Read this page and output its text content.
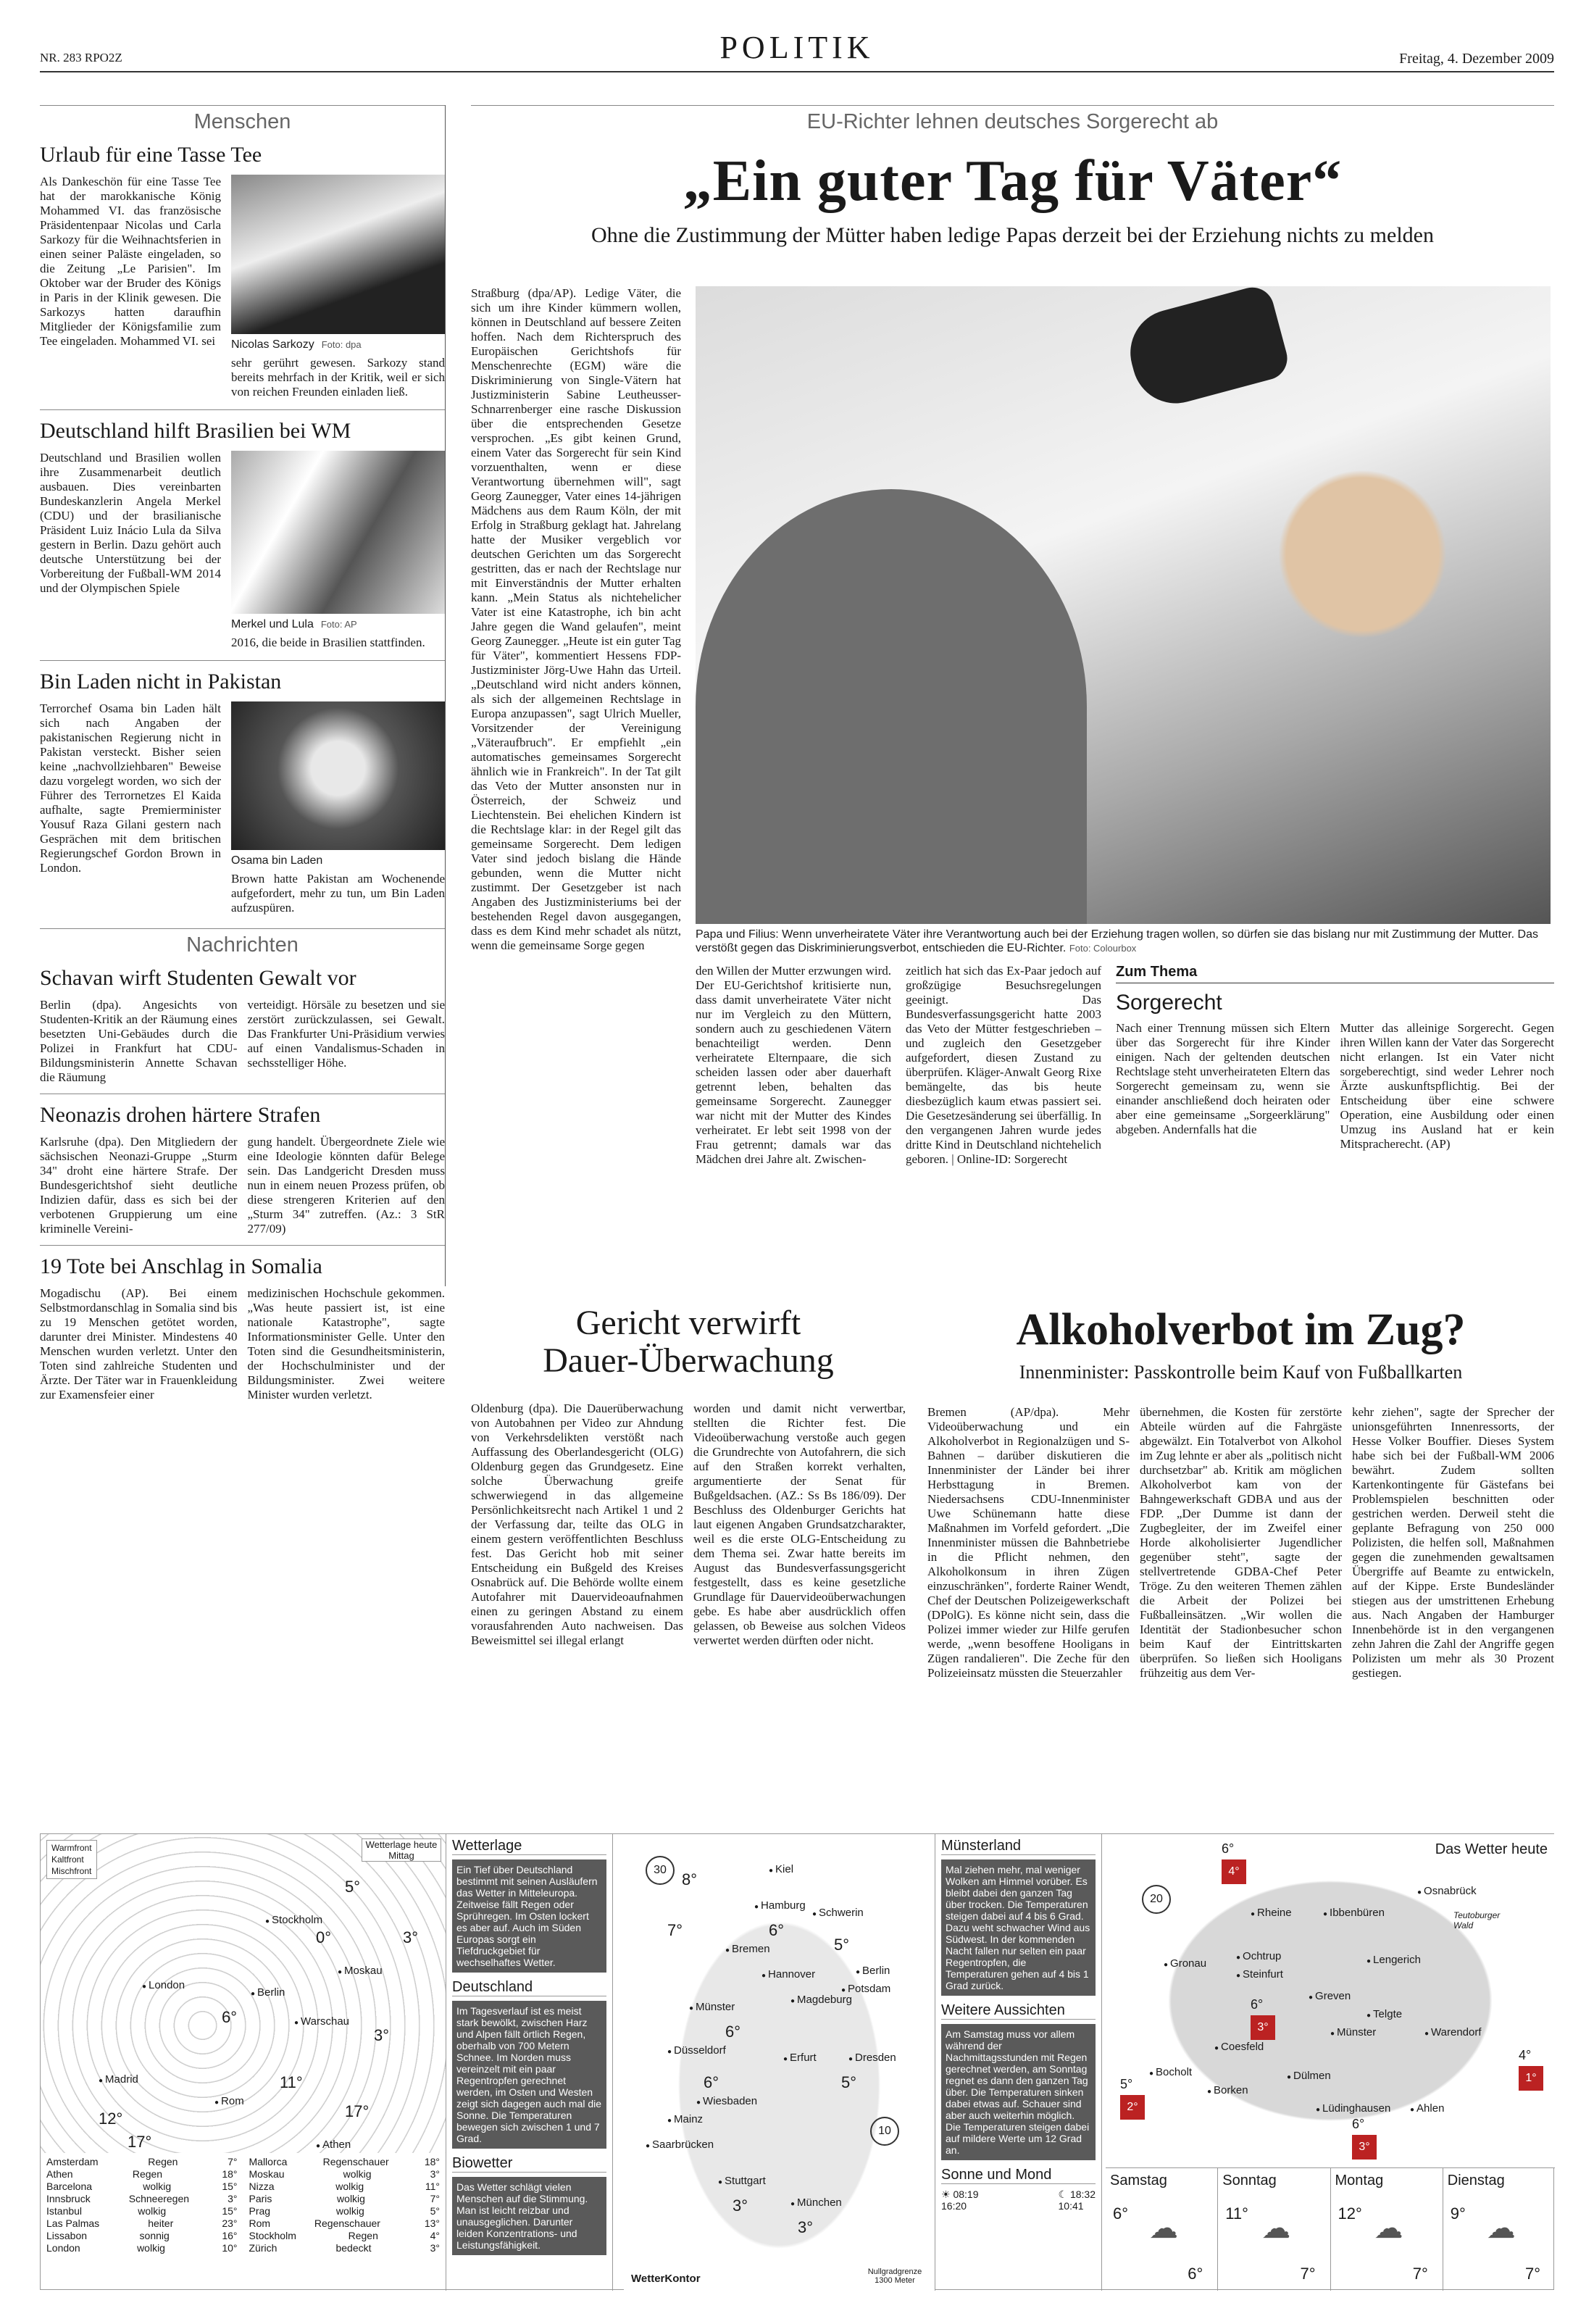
NR. 283 RPO2Z	POLITIK	Freitag, 4. Dezember 2009
Menschen
Urlaub für eine Tasse Tee
Als Dankeschön für eine Tasse Tee hat der marokkanische König Mohammed VI. das französische Präsidentenpaar Nicolas und Carla Sarkozy für die Weihnachtsferien in einen seiner Paläste eingeladen, so die Zeitung „Le Parisien". Im Oktober war der Bruder des Königs in Paris in der Klinik gewesen. Die Sarkozys hatten daraufhin Mitglieder der Königsfamilie zum Tee eingeladen. Mohammed VI. sei	Nicolas Sarkozy Foto: dpa
sehr gerührt gewesen. Sarkozy stand bereits mehrfach in der Kritik, weil er sich von reichen Freunden einladen ließ.
Deutschland hilft Brasilien bei WM
Deutschland und Brasilien wollen ihre Zusammenarbeit deutlich ausbauen. Dies vereinbarten Bundeskanzlerin Angela Merkel (CDU) und der brasilianische Präsident Luiz Inácio Lula da Silva gestern in Berlin. Dazu gehört auch deutsche Unterstützung bei der Vorbereitung der Fußball-WM 2014 und der Olympischen Spiele
Merkel und Lula Foto: AP
2016, die beide in Brasilien stattfinden.
Bin Laden nicht in Pakistan
Terrorchef Osama bin Laden hält sich nach Angaben der pakistanischen Regierung nicht in Pakistan versteckt. Bisher seien keine „nachvollziehbaren" Beweise dazu vorgelegt worden, wo sich der Führer des Terrornetzes El Kaida aufhalte, sagte Premierminister Yousuf Raza Gilani gestern nach Gesprächen mit dem britischen Regierungschef Gordon Brown in London.
Osama bin Laden
Brown hatte Pakistan am Wochenende aufgefordert, mehr zu tun, um Bin Laden aufzuspüren.
Nachrichten
Schavan wirft Studenten Gewalt vor
Berlin (dpa). Angesichts von Studenten-Kritik an der Räumung eines besetzten Uni-Gebäudes durch die Polizei in Frankfurt hat CDU-Bildungsministerin Annette Schavan die Räumung
verteidigt. Hörsäle zu besetzen und sie zerstört zurückzulassen, sei Gewalt. Das Frankfurter Uni-Präsidium verwies auf einen Vandalismus-Schaden in sechsstelliger Höhe.
Neonazis drohen härtere Strafen
Karlsruhe (dpa). Den Mitgliedern der sächsischen Neonazi-Gruppe „Sturm 34" droht eine härtere Strafe. Der Bundesgerichtshof sieht deutliche Indizien dafür, dass es sich bei der verbotenen Gruppierung um eine kriminelle Vereini-
gung handelt. Übergeordnete Ziele wie eine Ideologie könnten dafür Belege sein. Das Landgericht Dresden muss nun in einem neuen Prozess prüfen, ob diese strengeren Kriterien auf den „Sturm 34" zutreffen. (Az.: 3 StR 277/09)
19 Tote bei Anschlag in Somalia
Mogadischu (AP). Bei einem Selbstmordanschlag in Somalia sind bis zu 19 Menschen getötet worden, darunter drei Minister. Mindestens 40 Menschen wurden verletzt. Unter den Toten sind zahlreiche Studenten und Ärzte. Der Täter war in Frauenkleidung zur Examensfeier einer
medizinischen Hochschule gekommen. „Was heute passiert ist, ist eine nationale Katastrophe", sagte Informationsminister Gelle. Unter den Toten sind die Gesundheitsministerin, der Hochschulminister und der Bildungsminister. Zwei weitere Minister wurden verletzt.
EU-Richter lehnen deutsches Sorgerecht ab
„Ein guter Tag für Väter“
Ohne die Zustimmung der Mütter haben ledige Papas derzeit bei der Erziehung nichts zu melden
Straßburg (dpa/AP). Ledige Väter, die sich um ihre Kinder kümmern wollen, können in Deutschland auf bessere Zeiten hoffen. Nach dem Richterspruch des Europäischen Gerichtshofs für Menschenrechte (EGM) wäre die Diskriminierung von Single-Vätern hat Justizministerin Sabine Leutheusser-Schnarrenberger eine rasche Diskussion über die entsprechenden Gesetze versprochen. „Es gibt keinen Grund, einem Vater das Sorgerecht für sein Kind vorzuenthalten, wenn er diese Verantwortung übernehmen will", sagt Georg Zaunegger, Vater eines 14-jährigen Mädchens aus dem Raum Köln, der mit Erfolg in Straßburg geklagt hat. Jahrelang hatte der Musiker vergeblich vor deutschen Gerichten um das Sorgerecht gestritten, das er nach der Rechtslage nur mit Einverständnis der Mutter erhalten kann. „Mein Status als nichtehelicher Vater ist eine Katastrophe, ich bin acht Jahre gegen die Wand gelaufen", meint Georg Zaunegger. „Heute ist ein guter Tag für Väter", kommentiert Hessens FDP-Justizminister Jörg-Uwe Hahn das Urteil. „Deutschland wird nicht anders können, als sich der allgemeinen Rechtslage in Europa anzupassen", sagt Ulrich Mueller, Vorsitzender der Vereinigung „Väteraufbruch". Er empfiehlt „ein automatisches gemeinsames Sorgerecht ähnlich wie in Frankreich". In der Tat gilt das Veto der Mutter ansonsten nur in Österreich, der Schweiz und Liechtenstein. Bei ehelichen Kindern ist die Rechtslage klar: in der Regel gilt das gemeinsame Sorgerecht. Dem ledigen Vater sind jedoch bislang die Hände gebunden, wenn die Mutter nicht zustimmt. Der Gesetzgeber ist nach Angaben des Justizministeriums bei der bestehenden Regel davon ausgegangen, dass es dem Kind mehr schadet als nützt, wenn die gemeinsame Sorge gegen
Papa und Filius: Wenn unverheiratete Väter ihre Verantwortung auch bei der Erziehung tragen wollen, so dürfen sie das bislang nur mit Zustimmung der Mutter. Das verstößt gegen das Diskriminierungsverbot, entschieden die EU-Richter. Foto: Colourbox
den Willen der Mutter erzwungen wird. Der EU-Gerichtshof kritisierte nun, dass damit unverheiratete Väter nicht nur im Vergleich zu den Müttern, sondern auch zu geschiedenen Vätern benachteiligt werden. Denn verheiratete Elternpaare, die sich scheiden lassen oder aber dauerhaft getrennt leben, behalten das gemeinsame Sorgerecht. Zaunegger war nicht mit der Mutter des Kindes verheiratet. Er lebt seit 1998 von der Frau getrennt; damals war das Mädchen drei Jahre alt. Zwischen-
zeitlich hat sich das Ex-Paar jedoch auf großzügige Besuchsregelungen geeinigt. Das Bundesverfassungsgericht hatte 2003 das Veto der Mütter festgeschrieben – und zugleich den Gesetzgeber aufgefordert, diesen Zustand zu überprüfen. Kläger-Anwalt Georg Rixe bemängelte, das bis heute diesbezüglich kaum etwas passiert sei. Die Gesetzesänderung sei überfällig. In den vergangenen Jahren wurde jedes dritte Kind in Deutschland nichtehelich geboren. | Online-ID: Sorgerecht
Zum Thema
Sorgerecht
Nach einer Trennung müssen sich Eltern über das Sorgerecht für ihre Kinder einigen. Nach der geltenden deutschen Rechtslage steht unverheirateten Eltern das Sorgerecht gemeinsam zu, wenn sie einander anschließend doch heiraten oder aber eine gemeinsame „Sorgeerklärung" abgeben. Andernfalls hat die
Mutter das alleinige Sorgerecht. Gegen ihren Willen kann der Vater das Sorgerecht nicht erlangen. Ist ein Vater nicht sorgeberechtigt, sind weder Lehrer noch Ärzte auskunftspflichtig. Bei der Entscheidung über eine schwere Operation, eine Ausbildung oder einen Umzug ins Ausland hat er kein Mitspracherecht. (AP)
Gericht verwirft
Dauer-Überwachung
Oldenburg (dpa). Die Dauerüberwachung von Autobahnen per Video zur Ahndung von Verkehrsdelikten verstößt nach Auffassung des Oberlandesgericht (OLG) Oldenburg gegen das Grundgesetz. Eine solche Überwachung greife schwerwiegend in das allgemeine Persönlichkeitsrecht nach Artikel 1 und 2 der Verfassung dar, teilte das OLG in einem gestern veröffentlichten Beschluss fest. Das Gericht hob mit seiner Entscheidung ein Bußgeld des Kreises Osnabrück auf. Die Behörde wollte einem Autofahrer mit Dauervideoaufnahmen einen zu geringen Abstand zu einem vorausfahrenden Auto nachweisen. Das Beweismittel sei illegal erlangt
worden und damit nicht verwertbar, stellten die Richter fest. Die Videoüberwachung verstoße auch gegen die Grundrechte von Autofahrern, die sich auf den Straßen korrekt verhalten, argumentierte der Senat für Bußgeldsachen. (AZ.: Ss Bs 186/09). Der Beschluss des Oldenburger Gerichts hat laut eigenen Angaben Grundsatzcharakter, weil es die erste OLG-Entscheidung zu dem Thema sei. Zwar hatte bereits im August das Bundesverfassungsgericht festgestellt, dass es keine gesetzliche Grundlage für Dauervideoüberwachungen gebe. Es habe aber ausdrücklich offen gelassen, ob Beweise aus solchen Videos verwertet werden dürften oder nicht.
Alkoholverbot im Zug?
Innenminister: Passkontrolle beim Kauf von Fußballkarten
Bremen (AP/dpa). Mehr Videoüberwachung und ein Alkoholverbot in Regionalzügen und S-Bahnen – darüber diskutieren die Innenminister der Länder bei ihrer Herbsttagung in Bremen. Niedersachsens CDU-Innenminister Uwe Schünemann hatte diese Maßnahmen im Vorfeld gefordert. „Die Innenminister müssen die Bahnbetriebe in die Pflicht nehmen, den Alkoholkonsum in ihren Zügen einzuschränken", forderte Rainer Wendt, Chef der Deutschen Polizeigewerkschaft (DPolG). Es könne nicht sein, dass die Polizei immer wieder zur Hilfe gerufen werde, „wenn besoffene Hooligans in Zügen randalieren". Die Zeche für den Polizeieinsatz müssten die Steuerzahler
übernehmen, die Kosten für zerstörte Abteile würden auf die Fahrgäste abgewälzt. Ein Totalverbot von Alkohol im Zug lehnte er aber als „politisch nicht durchsetzbar" ab. Kritik am möglichen Alkoholverbot kam von der Bahngewerkschaft GDBA und aus der FDP. „Der Dumme ist dann der Zugbegleiter, der im Zweifel einer Horde alkoholisierter Jugendlicher gegenüber steht", sagte der stellvertretende GDBA-Chef Peter Tröge. Zu den weiteren Themen zählen die Arbeit der Polizei bei Fußballeinsätzen. „Wir wollen die Identität der Stadionbesucher schon beim Kauf der Eintrittskarten überprüfen. So ließen sich Hooligans frühzeitig aus dem Ver-
kehr ziehen", sagte der Sprecher der unionsgeführten Innenressorts, der Hesse Volker Bouffier. Dieses System habe sich bei der Fußball-WM 2006 bewährt. Zudem sollten Kartenkontingente für Gästefans bei Problemspielen beschnitten oder gestrichen werden. Derweil steht die geplante Befragung von 250 000 Polizisten, die helfen soll, Maßnahmen gegen die zunehmenden gewaltsamen Übergriffe auf Beamte zu entwickeln, auf der Kippe. Erste Bundesländer stiegen aus der umstrittenen Erhebung aus. Nach Angaben der Hamburger Innenbehörde ist in den vergangenen zehn Jahren die Zahl der Angriffe gegen Polizisten um mehr als 30 Prozent gestiegen.
Warmfront
Kaltfront
Mischfront
Wetterlage heute Mittag
● Stockholm
● Moskau
● London
● Berlin
● Warschau
● Madrid
● Rom
● Athen
5°
0°	3°
6°
3°
11°
12°
17°
17°
Amsterdam	Regen	7°
Athen	Regen	18°
Barcelona	wolkig	15°
Innsbruck	Schneeregen	3°
Istanbul	wolkig	15°
Las Palmas	heiter	23°
Lissabon	sonnig	16°
London	wolkig	10°
Mallorca	Regenschauer	18°
Moskau	wolkig	3°
Nizza	wolkig	11°
Paris	wolkig	7°
Prag	wolkig	5°
Rom	Regenschauer	13°
Stockholm	Regen	4°
Zürich	bedeckt	3°
Wetterlage
Ein Tief über Deutschland bestimmt mit seinen Ausläufern das Wetter in Mitteleuropa. Zeitweise fällt Regen oder Sprühregen. Im Osten lockert es aber auf. Auch im Süden Europas sorgt ein Tiefdruckgebiet für wechselhaftes Wetter.
Deutschland
Im Tagesverlauf ist es meist stark bewölkt, zwischen Harz und Alpen fällt örtlich Regen, oberhalb von 700 Metern Schnee. Im Norden muss vereinzelt mit ein paar Regentropfen gerechnet werden, im Osten und Westen zeigt sich dagegen auch mal die Sonne. Die Temperaturen bewegen sich zwischen 1 und 7 Grad.
Biowetter
Das Wetter schlägt vielen Menschen auf die Stimmung. Man ist leicht reizbar und unausgeglichen. Darunter leiden Konzentrations- und Leistungsfähigkeit.
30
10
● Kiel
● Hamburg
● Schwerin
● Bremen
● Hannover	● Berlin
● Potsdam
● Magdeburg
● Münster
● Düsseldorf
● Erfurt	● Dresden
● Wiesbaden
● Mainz
● Saarbrücken
● Stuttgart
● München
8°
7°	6°
5°
6°
6°	5°
3°
3°
WetterKontor
Nullgradgrenze 1300 Meter
Münsterland
Mal ziehen mehr, mal weniger Wolken am Himmel vorüber. Es bleibt dabei den ganzen Tag über trocken. Die Temperaturen steigen dabei auf 4 bis 6 Grad. Dazu weht schwacher Wind aus Südwest. In der kommenden Nacht fallen nur selten ein paar Regentropfen, die Temperaturen gehen auf 4 bis 1 Grad zurück.
Weitere Aussichten
Am Samstag muss vor allem während der Nachmittagsstunden mit Regen gerechnet werden, am Sonntag regnet es dann den ganzen Tag über. Die Temperaturen sinken dabei etwas auf. Schauer sind aber auch weiterhin möglich. Die Temperaturen steigen dabei auf mildere Werte um 12 Grad an.
Sonne und Mond
☀ 08:19
16:20
☾ 18:32
10:41
Das Wetter heute
20
● Rheine	● Ibbenbüren
● Osnabrück
Teutoburger Wald
● Gronau
● Ochtrup
● Steinfurt
● Lengerich
● Greven
● Telgte
● Münster	● Warendorf
● Coesfeld
● Bocholt
● Borken
● Dülmen
● Lüdinghausen	● Ahlen
6°
4°
6°
3°
4°
1°
5°
2°
6°
3°
Samstag
6° ☁
6°
Sonntag
11° ☁
7°
Montag
12° ☁
7°
Dienstag
9° ☁
7°
